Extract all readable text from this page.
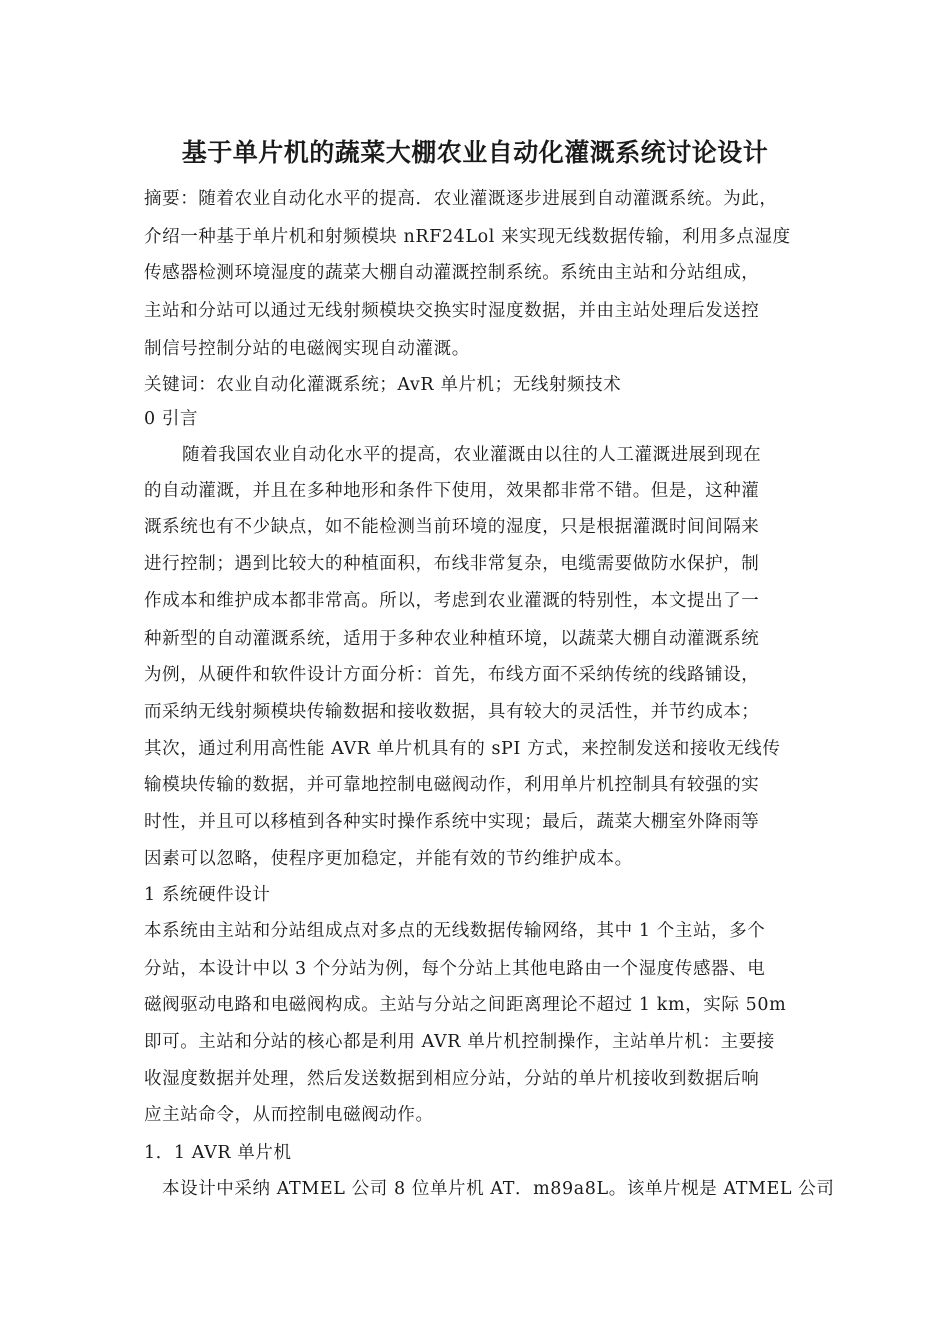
基于单片机的蔬菜大棚农业自动化灌溉系统讨论设计
摘要：随着农业自动化水平的提高．农业灌溉逐步进展到自动灌溉系统。为此，
介绍一种基于单片机和射频模块 nRF24Lol 来实现无线数据传输，利用多点湿度
传感器检测环境湿度的蔬菜大棚自动灌溉控制系统。系统由主站和分站组成，
主站和分站可以通过无线射频模块交换实时湿度数据，并由主站处理后发送控
制信号控制分站的电磁阀实现自动灌溉。
关键词：农业自动化灌溉系统；AvR 单片机；无线射频技术
0 引言
随着我国农业自动化水平的提高，农业灌溉由以往的人工灌溉进展到现在
的自动灌溉，并且在多种地形和条件下使用，效果都非常不错。但是，这种灌
溉系统也有不少缺点，如不能检测当前环境的湿度，只是根据灌溉时间间隔来
进行控制；遇到比较大的种植面积，布线非常复杂，电缆需要做防水保护，制
作成本和维护成本都非常高。所以，考虑到农业灌溉的特别性，本文提出了一
种新型的自动灌溉系统，适用于多种农业种植环境，以蔬菜大棚自动灌溉系统
为例，从硬件和软件设计方面分析：首先，布线方面不采纳传统的线路铺设，
而采纳无线射频模块传输数据和接收数据，具有较大的灵活性，并节约成本；
其次，通过利用高性能 AVR 单片机具有的 sPI 方式，来控制发送和接收无线传
输模块传输的数据，并可靠地控制电磁阀动作，利用单片机控制具有较强的实
时性，并且可以移植到各种实时操作系统中实现；最后，蔬菜大棚室外降雨等
因素可以忽略，使程序更加稳定，并能有效的节约维护成本。
1 系统硬件设计
本系统由主站和分站组成点对多点的无线数据传输网络，其中 1 个主站，多个
分站，本设计中以 3 个分站为例，每个分站上其他电路由一个湿度传感器、电
磁阀驱动电路和电磁阀构成。主站与分站之间距离理论不超过 1 km，实际 50m
即可。主站和分站的核心都是利用 AVR 单片机控制操作，主站单片机：主要接
收湿度数据并处理，然后发送数据到相应分站，分站的单片机接收到数据后响
应主站命令，从而控制电磁阀动作。
1．1 AVR 单片机
本设计中采纳 ATMEL 公司 8 位单片机 AT．m89a8L。该单片枧是 ATMEL 公司
